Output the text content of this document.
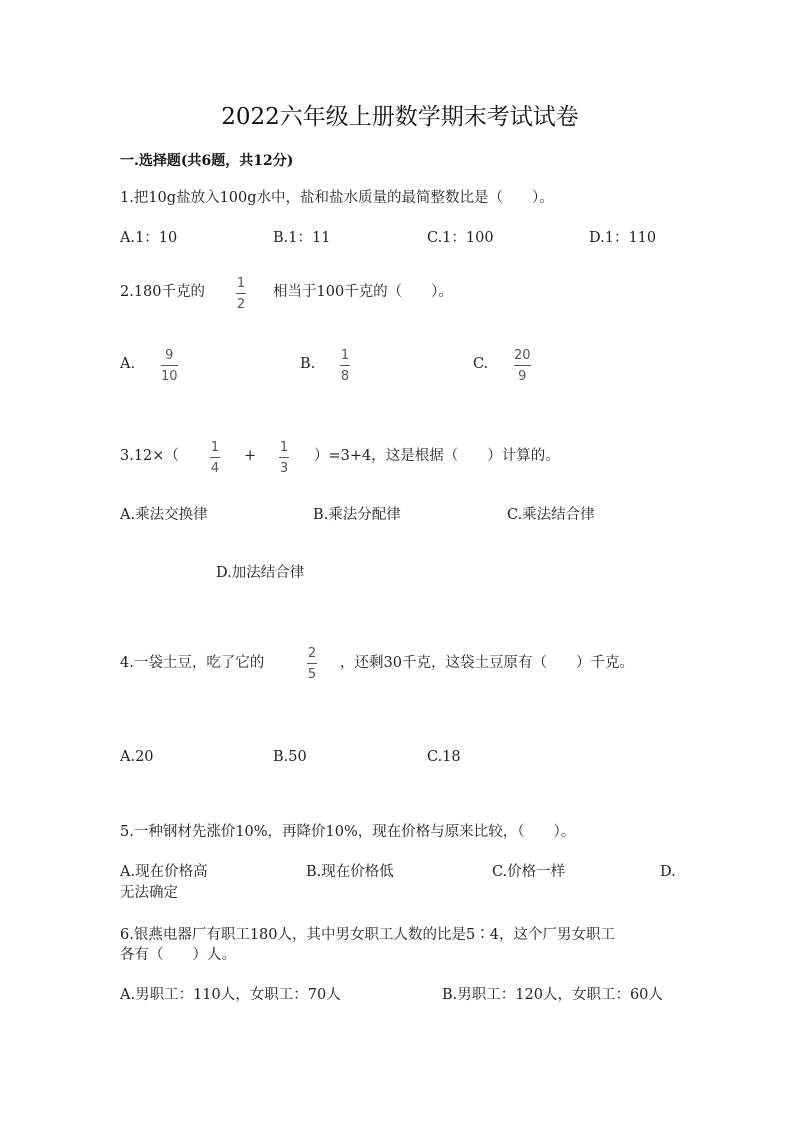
2022六年级上册数学期末考试试卷
一.选择题(共6题，共12分)
1.把10g盐放入100g水中，盐和盐水质量的最简整数比是（　　）。
A.1：10	B.1：11	C.1：100	D.1：110
2.180千克的
1
2
相当于100千克的（　　）。
A.
9
10
B.
1
8
C.
20
9
3.12×（
1
4
+
1
3
）=3+4，这是根据（　　）计算的。
A.乘法交换律	B.乘法分配律	C.乘法结合律
D.加法结合律
4.一袋土豆，吃了它的
2
5
，还剩30千克，这袋土豆原有（　　）千克。
A.20	B.50	C.18
5.一种钢材先涨价10%，再降价10%，现在价格与原来比较，（　　）。
A.现在价格高	B.现在价格低	C.价格一样	D.
无法确定
6.银燕电器厂有职工180人，其中男女职工人数的比是5∶4，这个厂男女职工
各有（　　）人。
A.男职工：110人，女职工：70人	B.男职工：120人，女职工：60人
